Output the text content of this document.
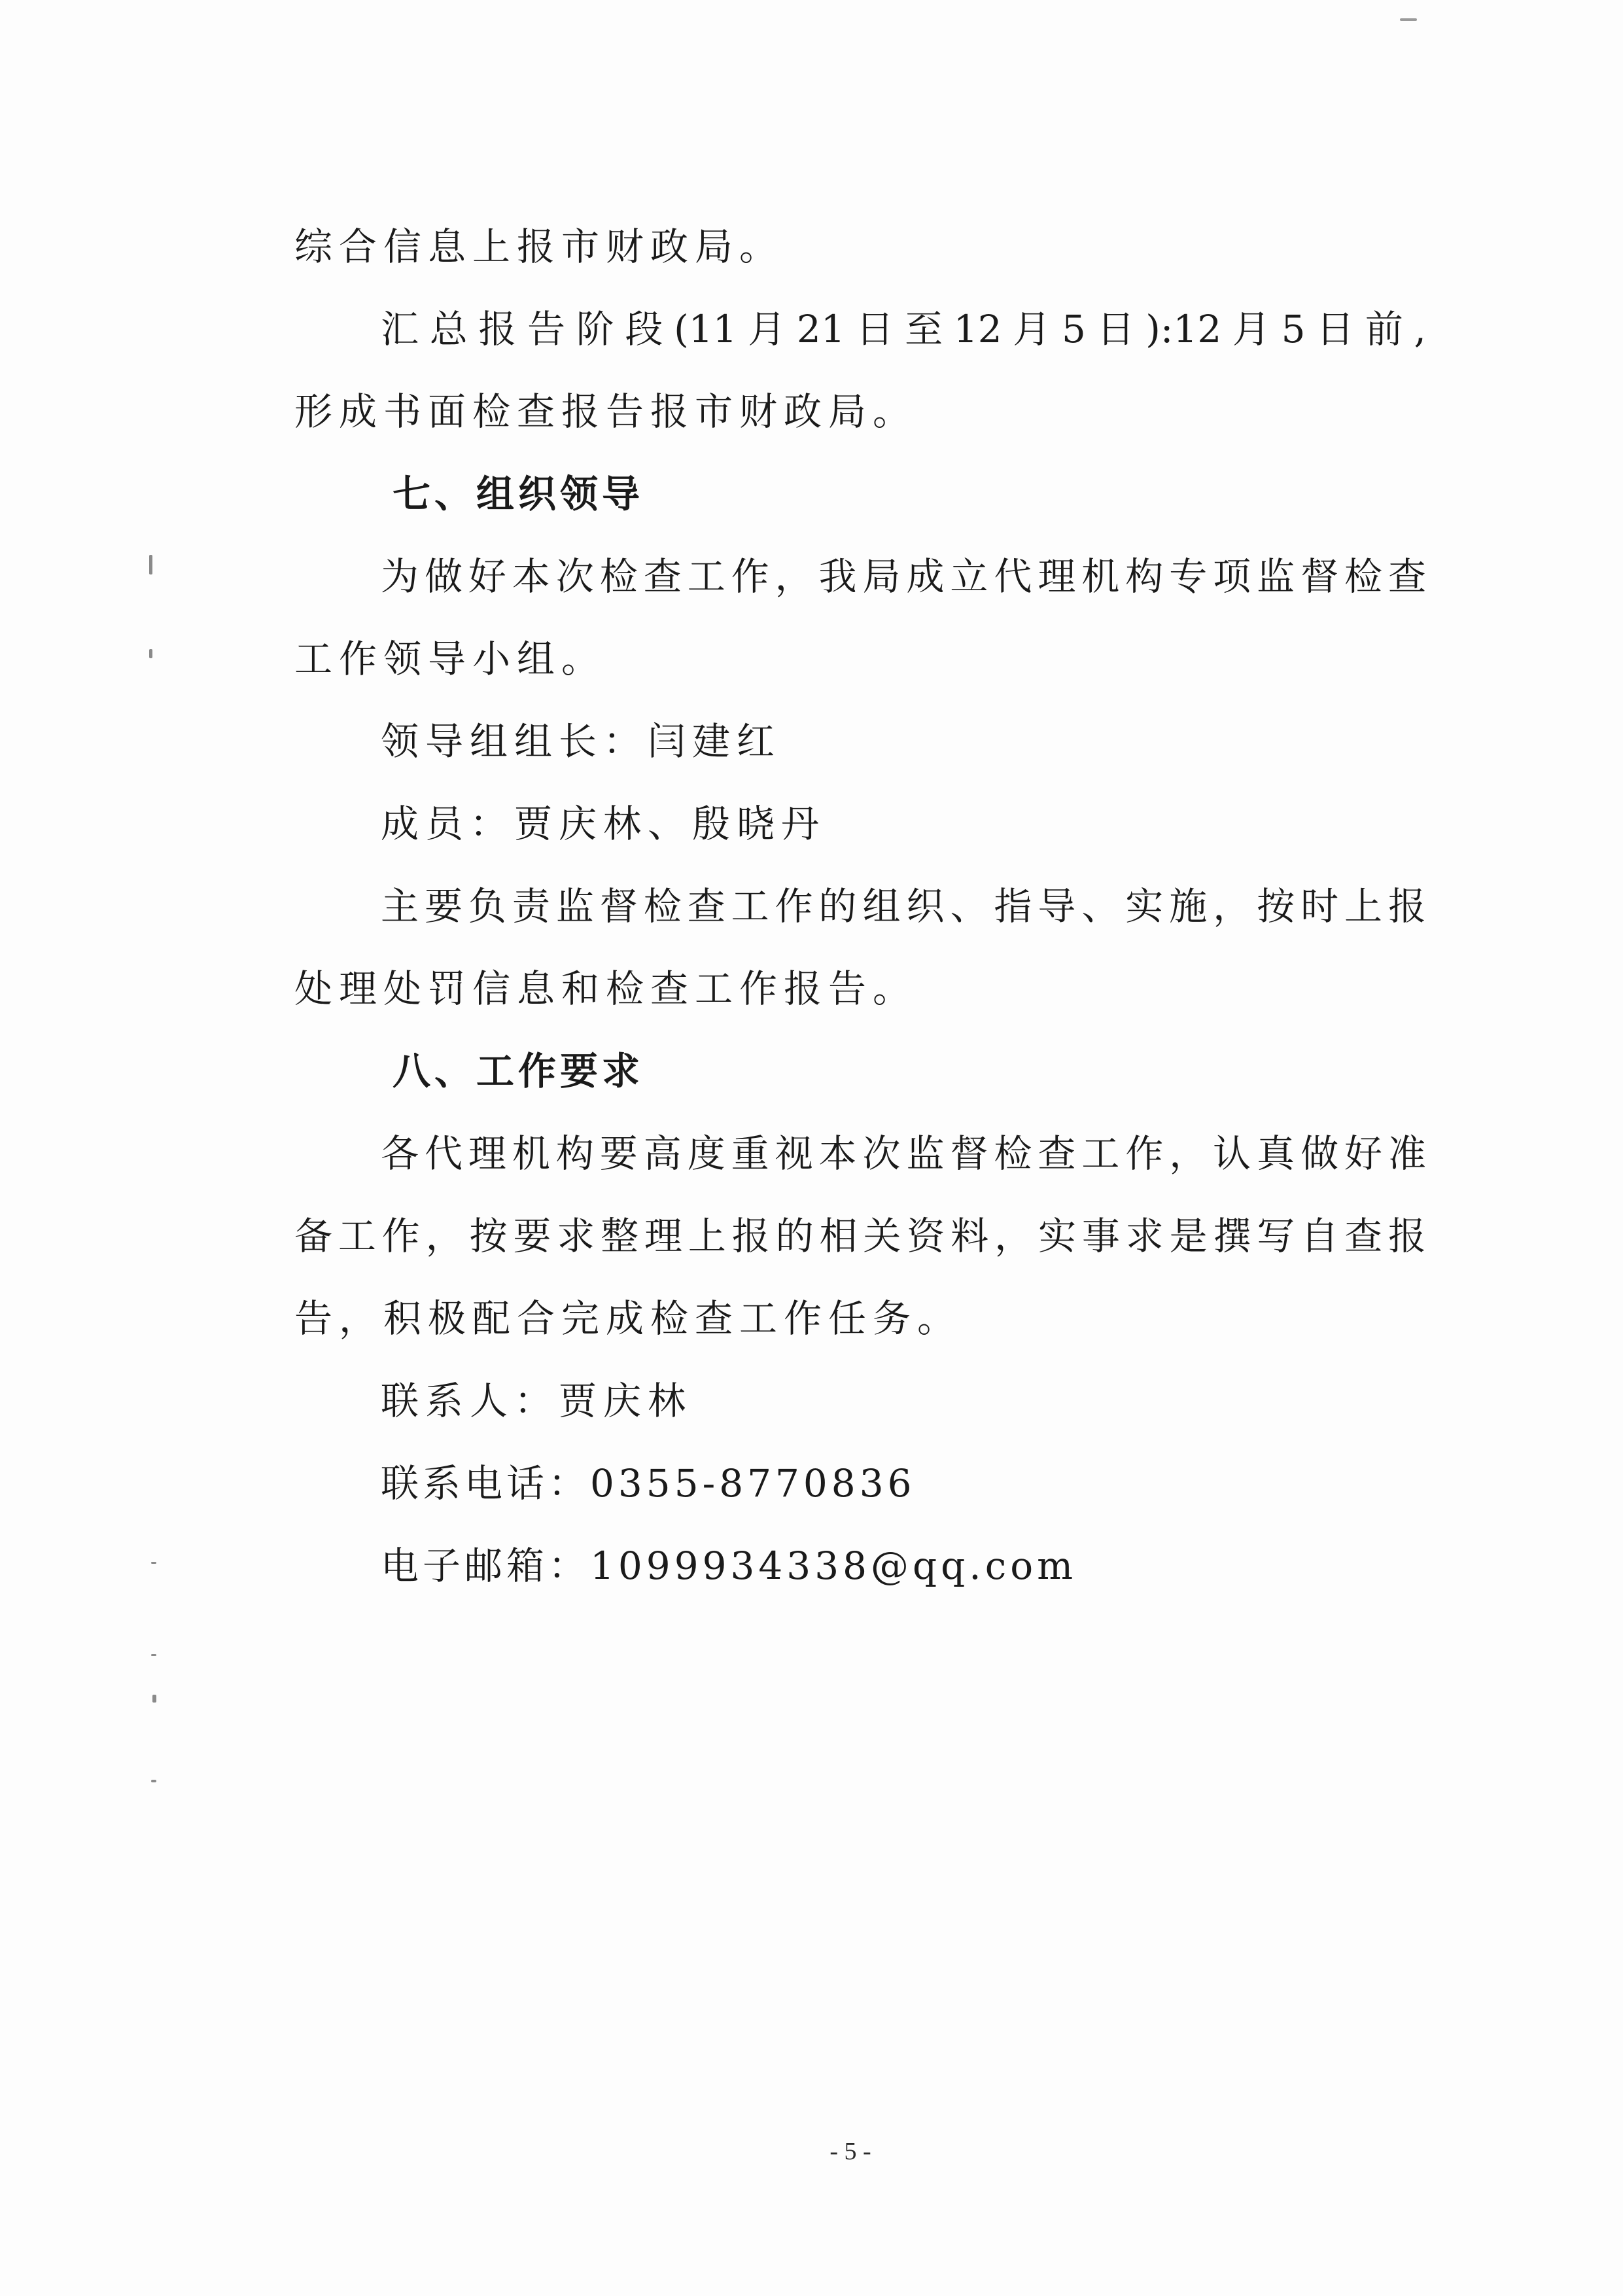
综合信息上报市财政局。
汇总报告阶段(11月21日至12月5日):12月5日前,
形成书面检查报告报市财政局。
七、组织领导
为做好本次检查工作，我局成立代理机构专项监督检查
工作领导小组。
领导组组长：闫建红
成员：贾庆林、殷晓丹
主要负责监督检查工作的组织、指导、实施，按时上报
处理处罚信息和检查工作报告。
八、工作要求
各代理机构要高度重视本次监督检查工作，认真做好准
备工作，按要求整理上报的相关资料，实事求是撰写自查报
告，积极配合完成检查工作任务。
联系人：贾庆林
联系电话：0355-8770836
电子邮箱：1099934338@qq.com
- 5 -
